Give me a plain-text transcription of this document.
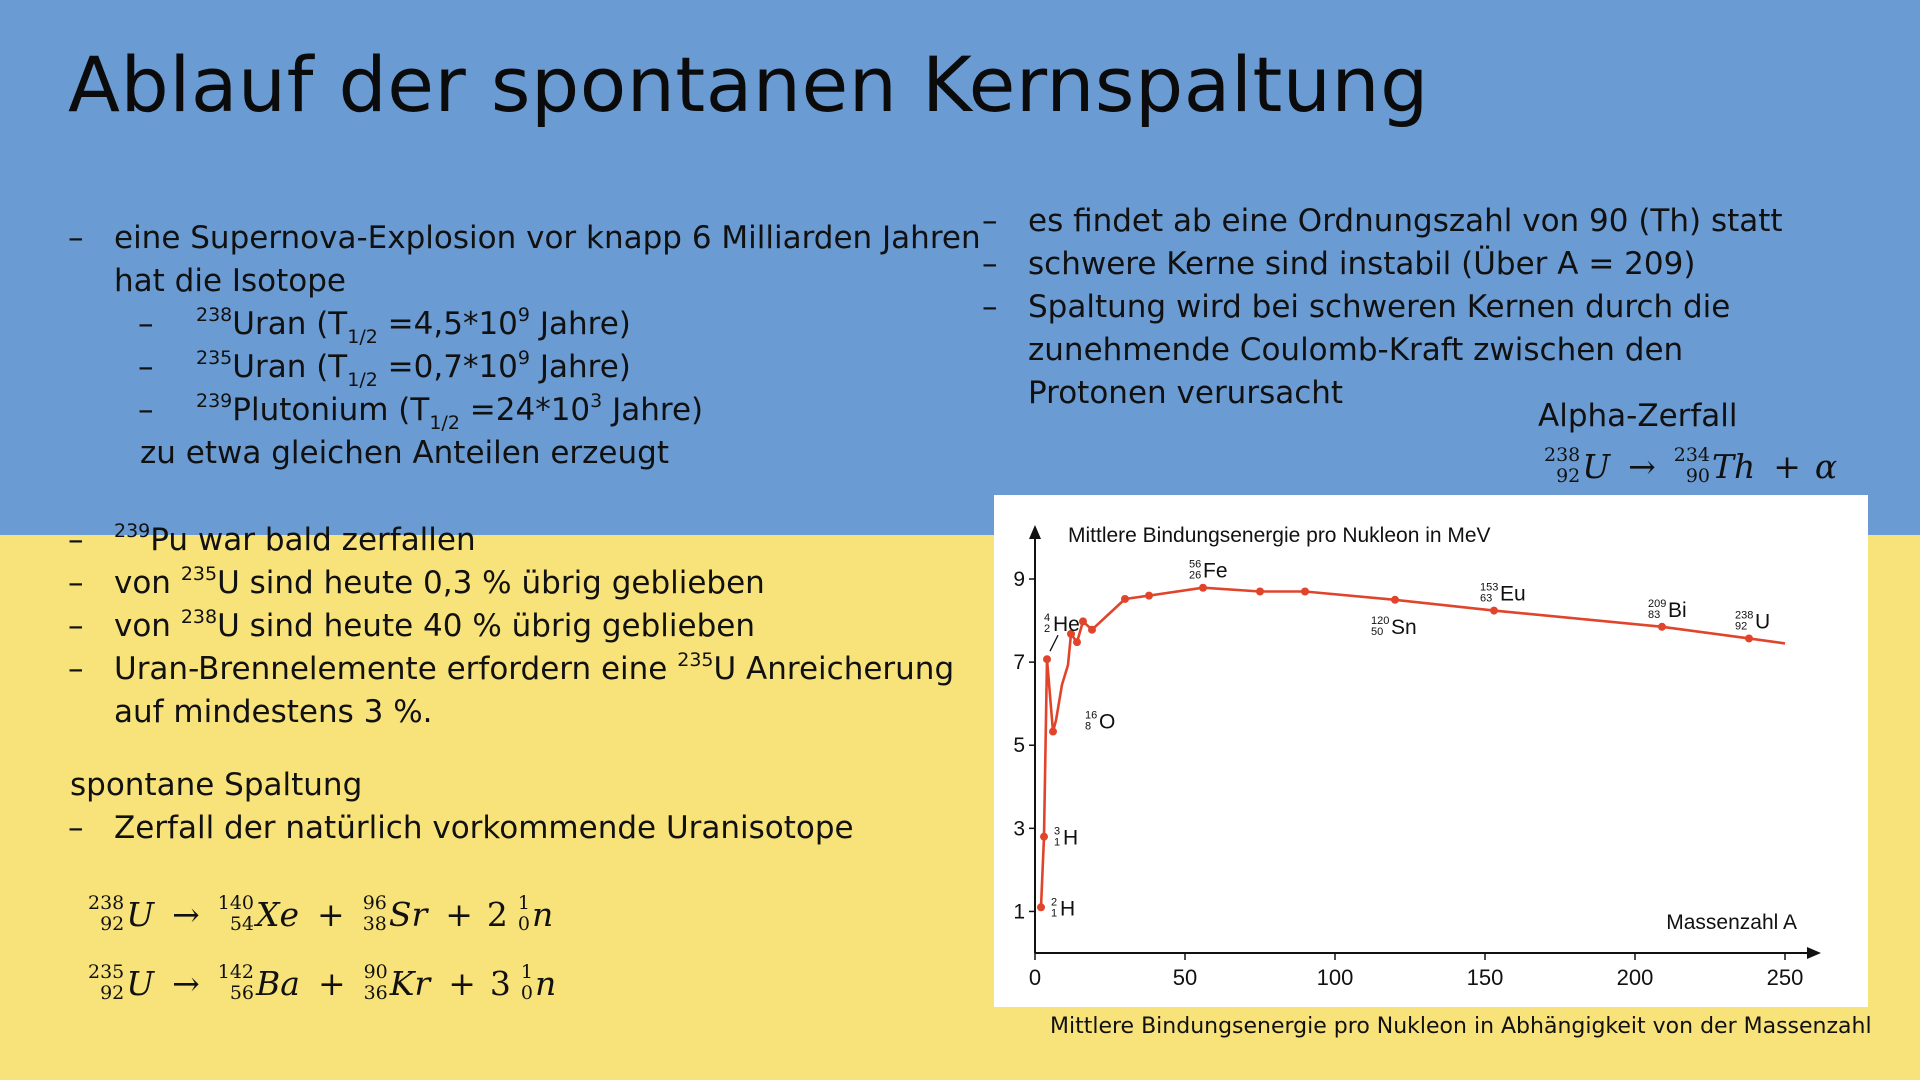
Ablauf der spontanen Kernspaltung
– eine Supernova-Explosion vor knapp 6 Milliarden Jahren
hat die Isotope
– $^{238}$Uran ($T_{1/2} =4,5*10^9$ Jahre)
– $^{235}$Uran ($T_{1/2} =0,7*10^9$ Jahre)
– $^{239}$Plutonium ($T_{1/2} =24*10^3$ Jahre)
zu etwa gleichen Anteilen erzeugt
– $^{239}$Pu war bald zerfallen
– von $^{235}$U sind heute 0,3 % übrig geblieben
– von $^{238}$U sind heute 40 % übrig geblieben
– Uran-Brennelemente erfordern eine $^{235}$U Anreicherung
auf mindestens 3 %.
spontane Spaltung
– Zerfall der natürlich vorkommende Uranisotope
238
92 U → 140
54 Xe + 96
38 Sr + 2 1
0 n
235
92 U → 142
56 Ba + 90
36 Kr + 3 1
0 n
– es findet ab eine Ordnungszahl von 90 (Th) statt
– schwere Kerne sind instabil (Über A = 209)
– Spaltung wird bei schweren Kernen durch die
zunehmende Coulomb-Kraft zwischen den
Protonen verursacht
Alpha-Zerfall
238
92 U → 234
90 Th + α
Mittlere Bindungsenergie pro Nukleon in MeV
Massenzahl A
0	50	100	150	200	250
1
3
5
7
9
2
1 H
3
1 H
4
2 He
16
8 O
56
26 Fe
120
50 Sn
153
63 Eu	209
83 Bi	238
92 U
Mittlere Bindungsenergie pro Nukleon in Abhängigkeit von der Massenzahl
